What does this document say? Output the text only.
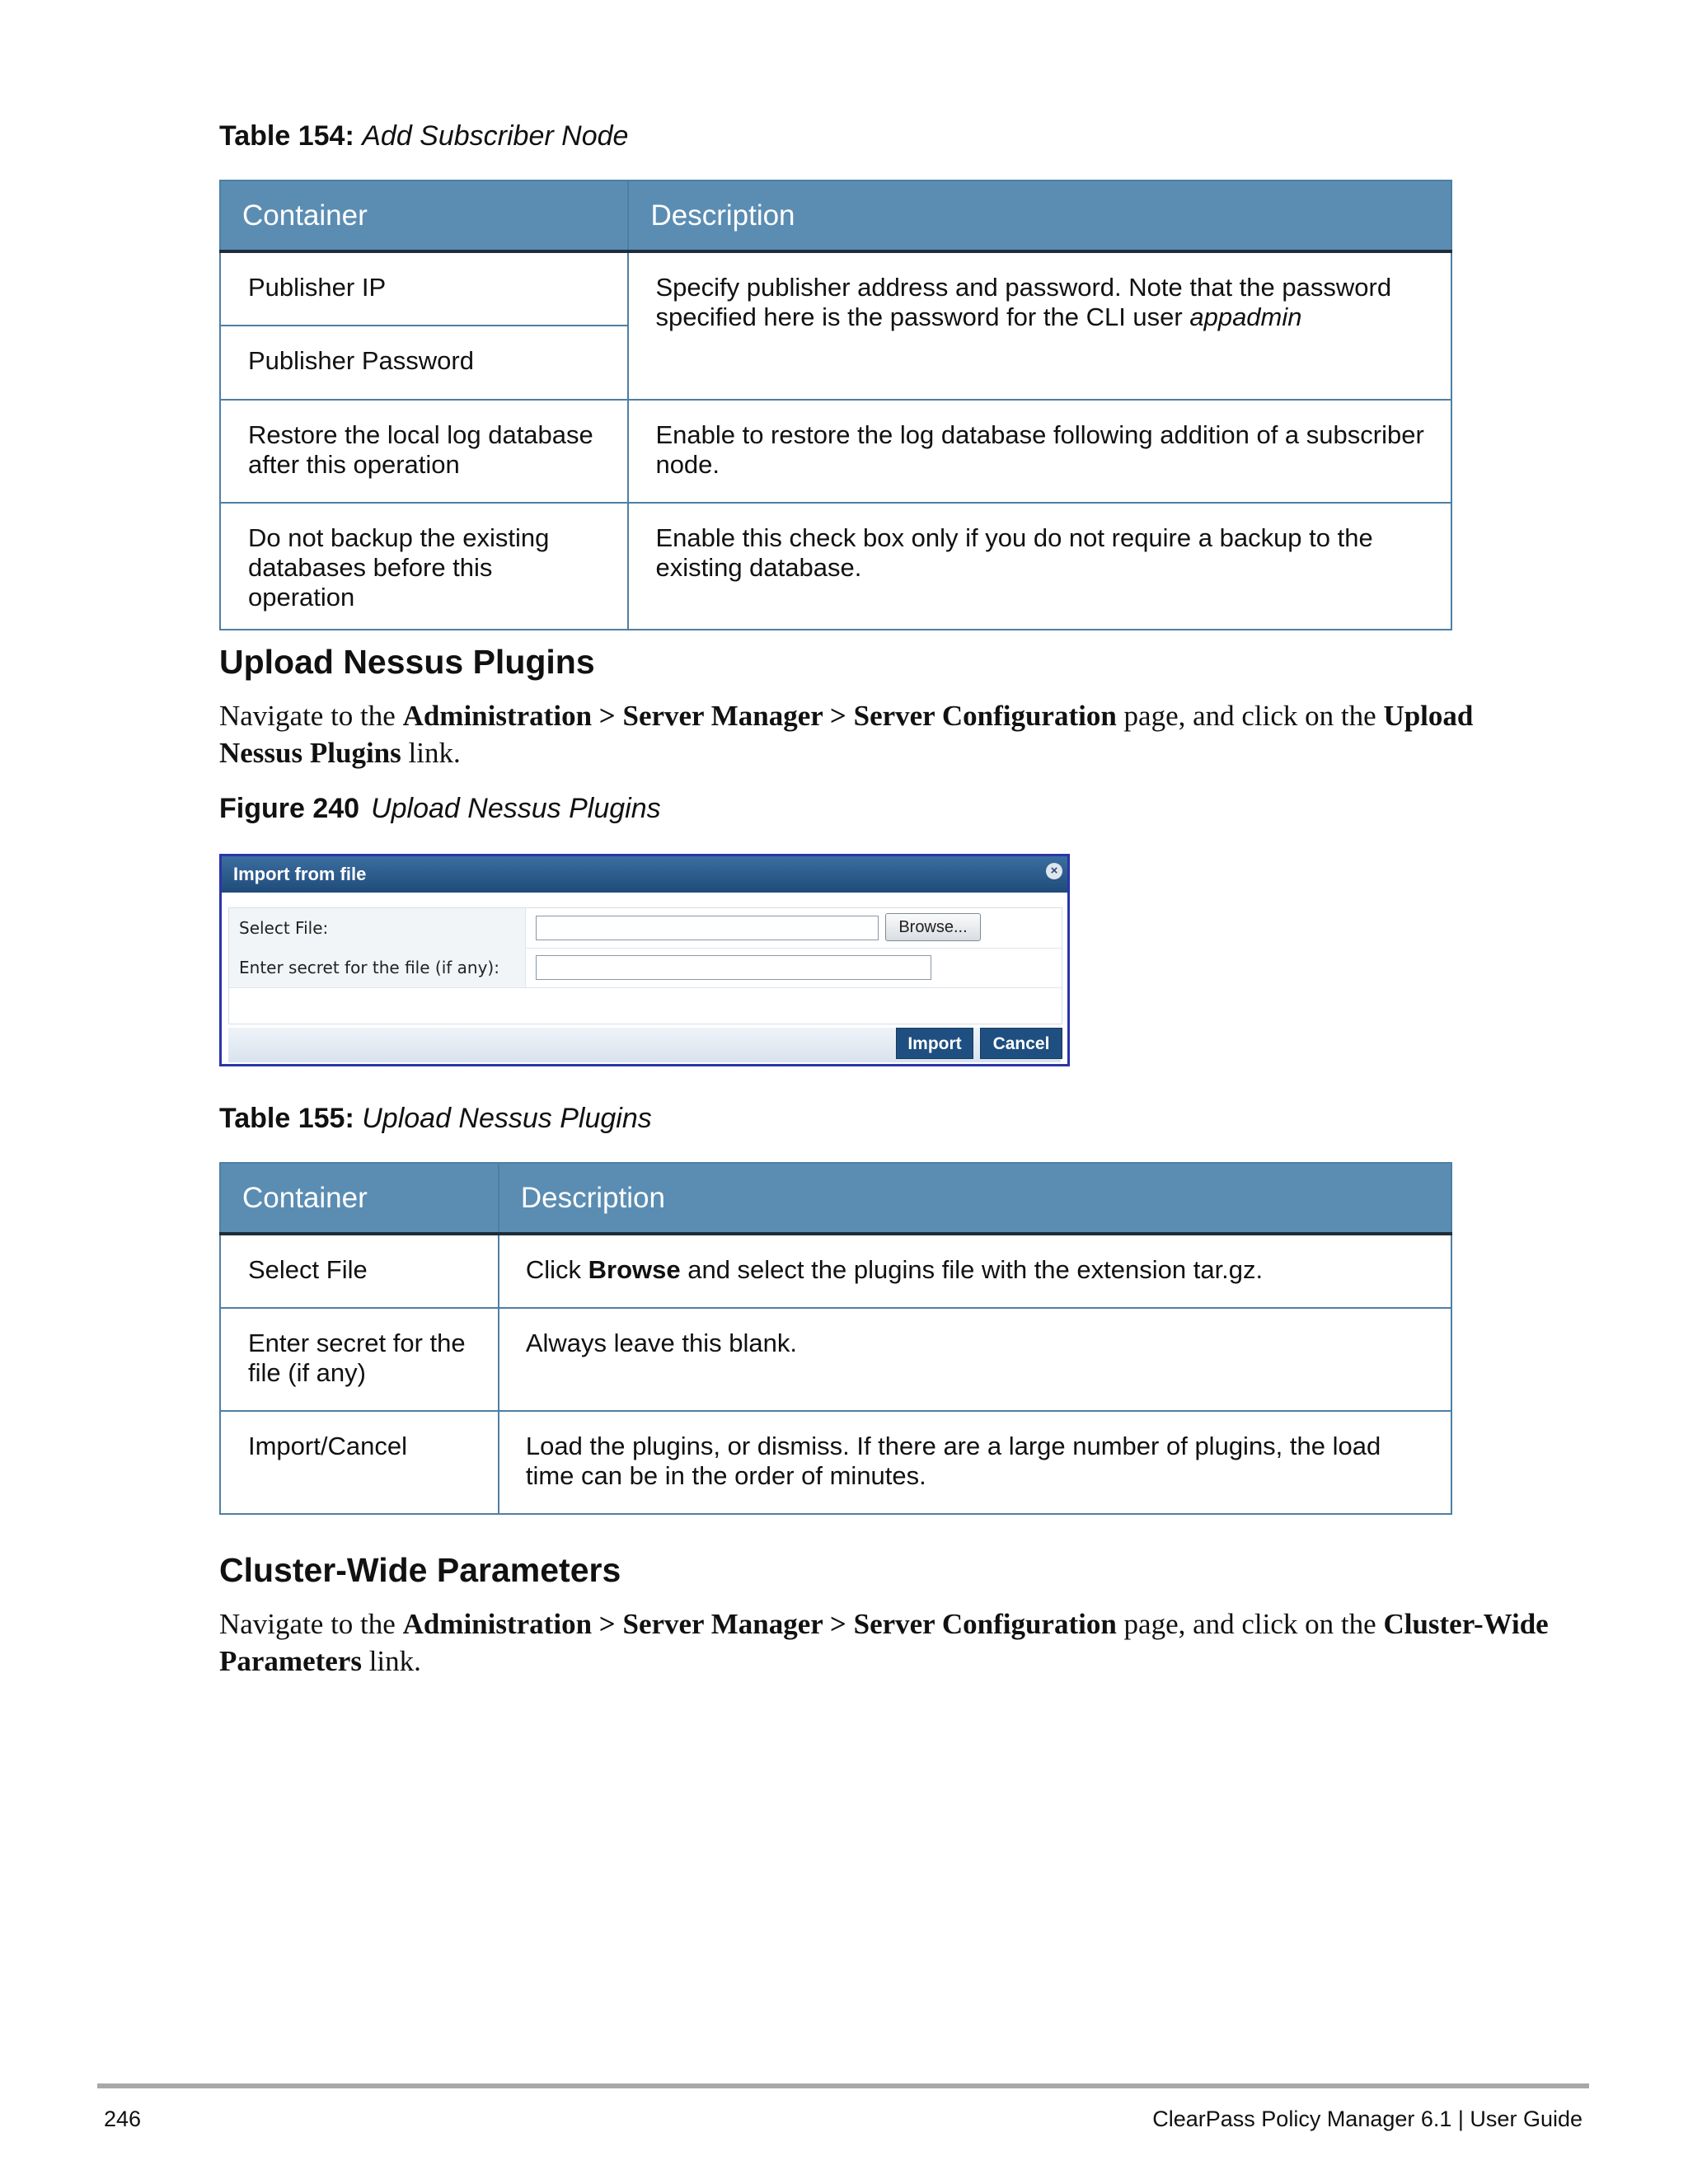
Table 154: Add Subscriber Node
Container	Description
Publisher IP	Specify publisher address and password. Note that the password specified here is the password for the CLI user appadmin
Publisher Password	
Restore the local log database after this operation	Enable to restore the log database following addition of a subscriber node.
Do not backup the existing databases before this operation	Enable this check box only if you do not require a backup to the existing database.
Upload Nessus Plugins

Navigate to the Administration > Server Manager > Server Configuration page, and click on the Upload Nessus Plugins link.

Figure 240 Upload Nessus Plugins
Import from file	×
Select File:	Browse...
Enter secret for the file (if any):
Import	Cancel
Table 155: Upload Nessus Plugins
Container	Description
Select File	Click Browse and select the plugins file with the extension tar.gz.
Enter secret for the file (if any)	Always leave this blank.
Import/Cancel	Load the plugins, or dismiss. If there are a large number of plugins, the load time can be in the order of minutes.
Cluster-Wide Parameters

Navigate to the Administration > Server Manager > Server Configuration page, and click on the Cluster-Wide Parameters link.

246	ClearPass Policy Manager 6.1 | User Guide
